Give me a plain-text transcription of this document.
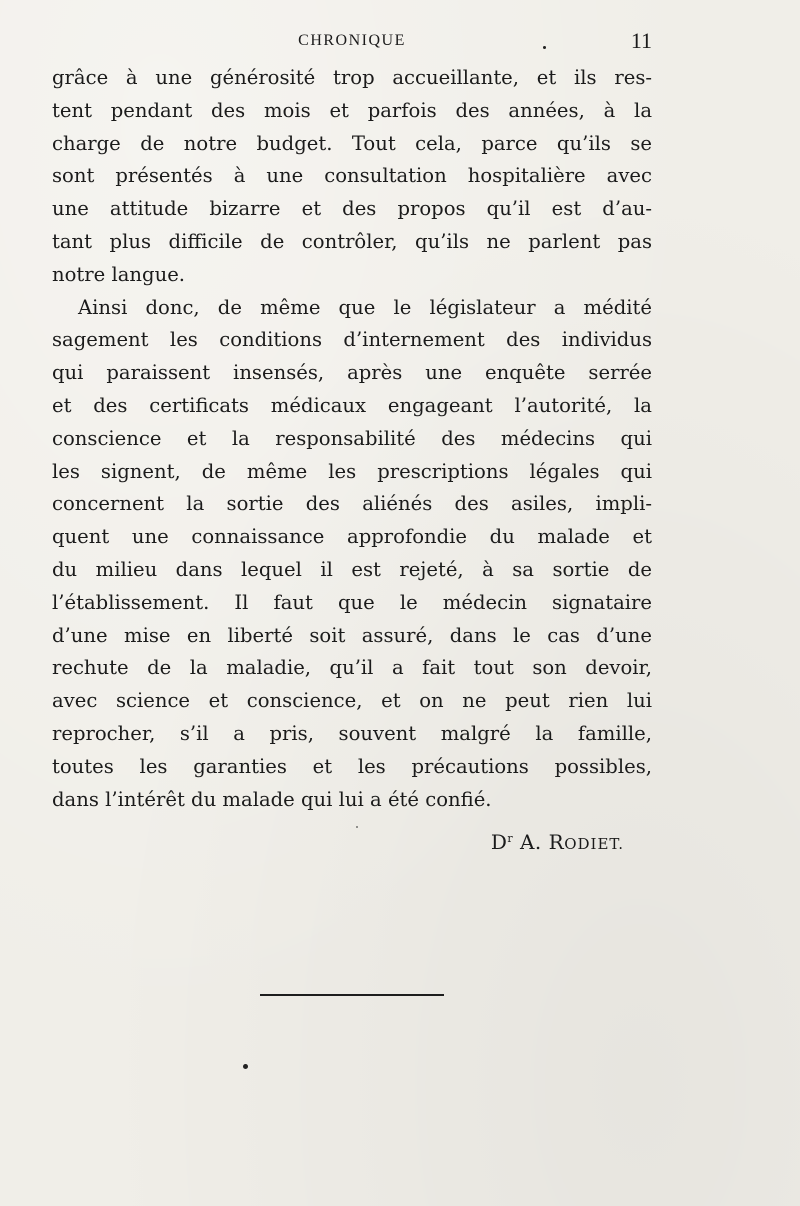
CHRONIQUE	11
grâce à une générosité trop accueillante, et ils res-
tent pendant des mois et parfois des années, à la
charge de notre budget. Tout cela, parce qu’ils se
sont présentés à une consultation hospitalière avec
une attitude bizarre et des propos qu’il est d’au-
tant plus difficile de contrôler, qu’ils ne parlent pas
notre langue.
Ainsi donc, de même que le législateur a médité
sagement les conditions d’internement des individus
qui paraissent insensés, après une enquête serrée
et des certificats médicaux engageant l’autorité, la
conscience et la responsabilité des médecins qui
les signent, de même les prescriptions légales qui
concernent la sortie des aliénés des asiles, impli-
quent une connaissance approfondie du malade et
du milieu dans lequel il est rejeté, à sa sortie de
l’établissement. Il faut que le médecin signataire
d’une mise en liberté soit assuré, dans le cas d’une
rechute de la maladie, qu’il a fait tout son devoir,
avec science et conscience, et on ne peut rien lui
reprocher, s’il a pris, souvent malgré la famille,
toutes les garanties et les précautions possibles,
dans l’intérêt du malade qui lui a été confié.
$D^r$ A. RODIET.
